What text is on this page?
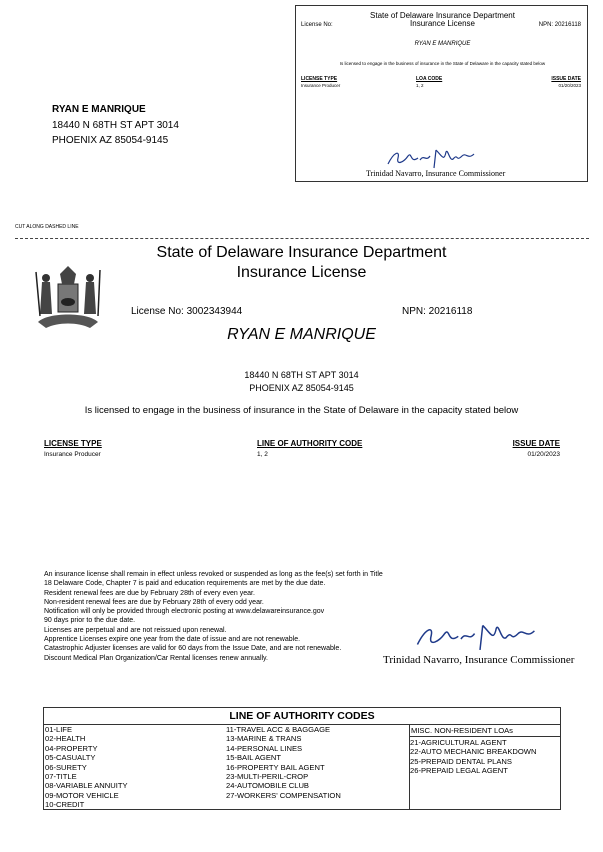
State of Delaware Insurance Department
Insurance License
License No:	NPN: 20216118
RYAN E MANRIQUE
Is licensed to engage in the business of insurance in the State of Delaware in the capacity stated below
LICENSE TYPE	LOA CODE	ISSUE DATE
Insurance Producer	1, 2	01/20/2023
Trinidad Navarro, Insurance Commissioner
RYAN E MANRIQUE
18440 N 68TH ST APT 3014
PHOENIX AZ 85054-9145
CUT ALONG DASHED LINE
State of Delaware Insurance Department
Insurance License
License No: 3002343944	NPN: 20216118
RYAN E MANRIQUE
18440 N 68TH ST APT 3014
PHOENIX AZ 85054-9145
Is licensed to engage in the business of insurance in the State of Delaware in the capacity stated below
LICENSE TYPE	LINE OF AUTHORITY CODE	ISSUE DATE
Insurance Producer	1, 2	01/20/2023
An insurance license shall remain in effect unless revoked or suspended as long as the fee(s) set forth in Title 18 Delaware Code, Chapter 7 is paid and education requirements are met by the due date.
Resident renewal fees are due by February 28th of every even year.
Non-resident renewal fees are due by February 28th of every odd year.
Notification will only be provided through electronic posting at www.delawareinsurance.gov
90 days prior to the due date.
Licenses are perpetual and are not reissued upon renewal.
Apprentice Licenses expire one year from the date of issue and are not renewable.
Catastrophic Adjuster licenses are valid for 60 days from the Issue Date, and are not renewable.
Discount Medical Plan Organization/Car Rental licenses renew annually.	Trinidad Navarro, Insurance Commissioner
LINE OF AUTHORITY CODES
01-LIFE
02-HEALTH
04-PROPERTY
05-CASUALTY
06-SURETY
07-TITLE
08-VARIABLE ANNUITY
09-MOTOR VEHICLE
10-CREDIT
11-TRAVEL ACC & BAGGAGE
13-MARINE & TRANS
14-PERSONAL LINES
15-BAIL AGENT
16-PROPERTY BAIL AGENT
23-MULTI-PERIL-CROP
24-AUTOMOBILE CLUB
27-WORKERS' COMPENSATION
MISC. NON-RESIDENT LOAs
21-AGRICULTURAL AGENT
22-AUTO MECHANIC BREAKDOWN
25-PREPAID DENTAL PLANS
26-PREPAID LEGAL AGENT
